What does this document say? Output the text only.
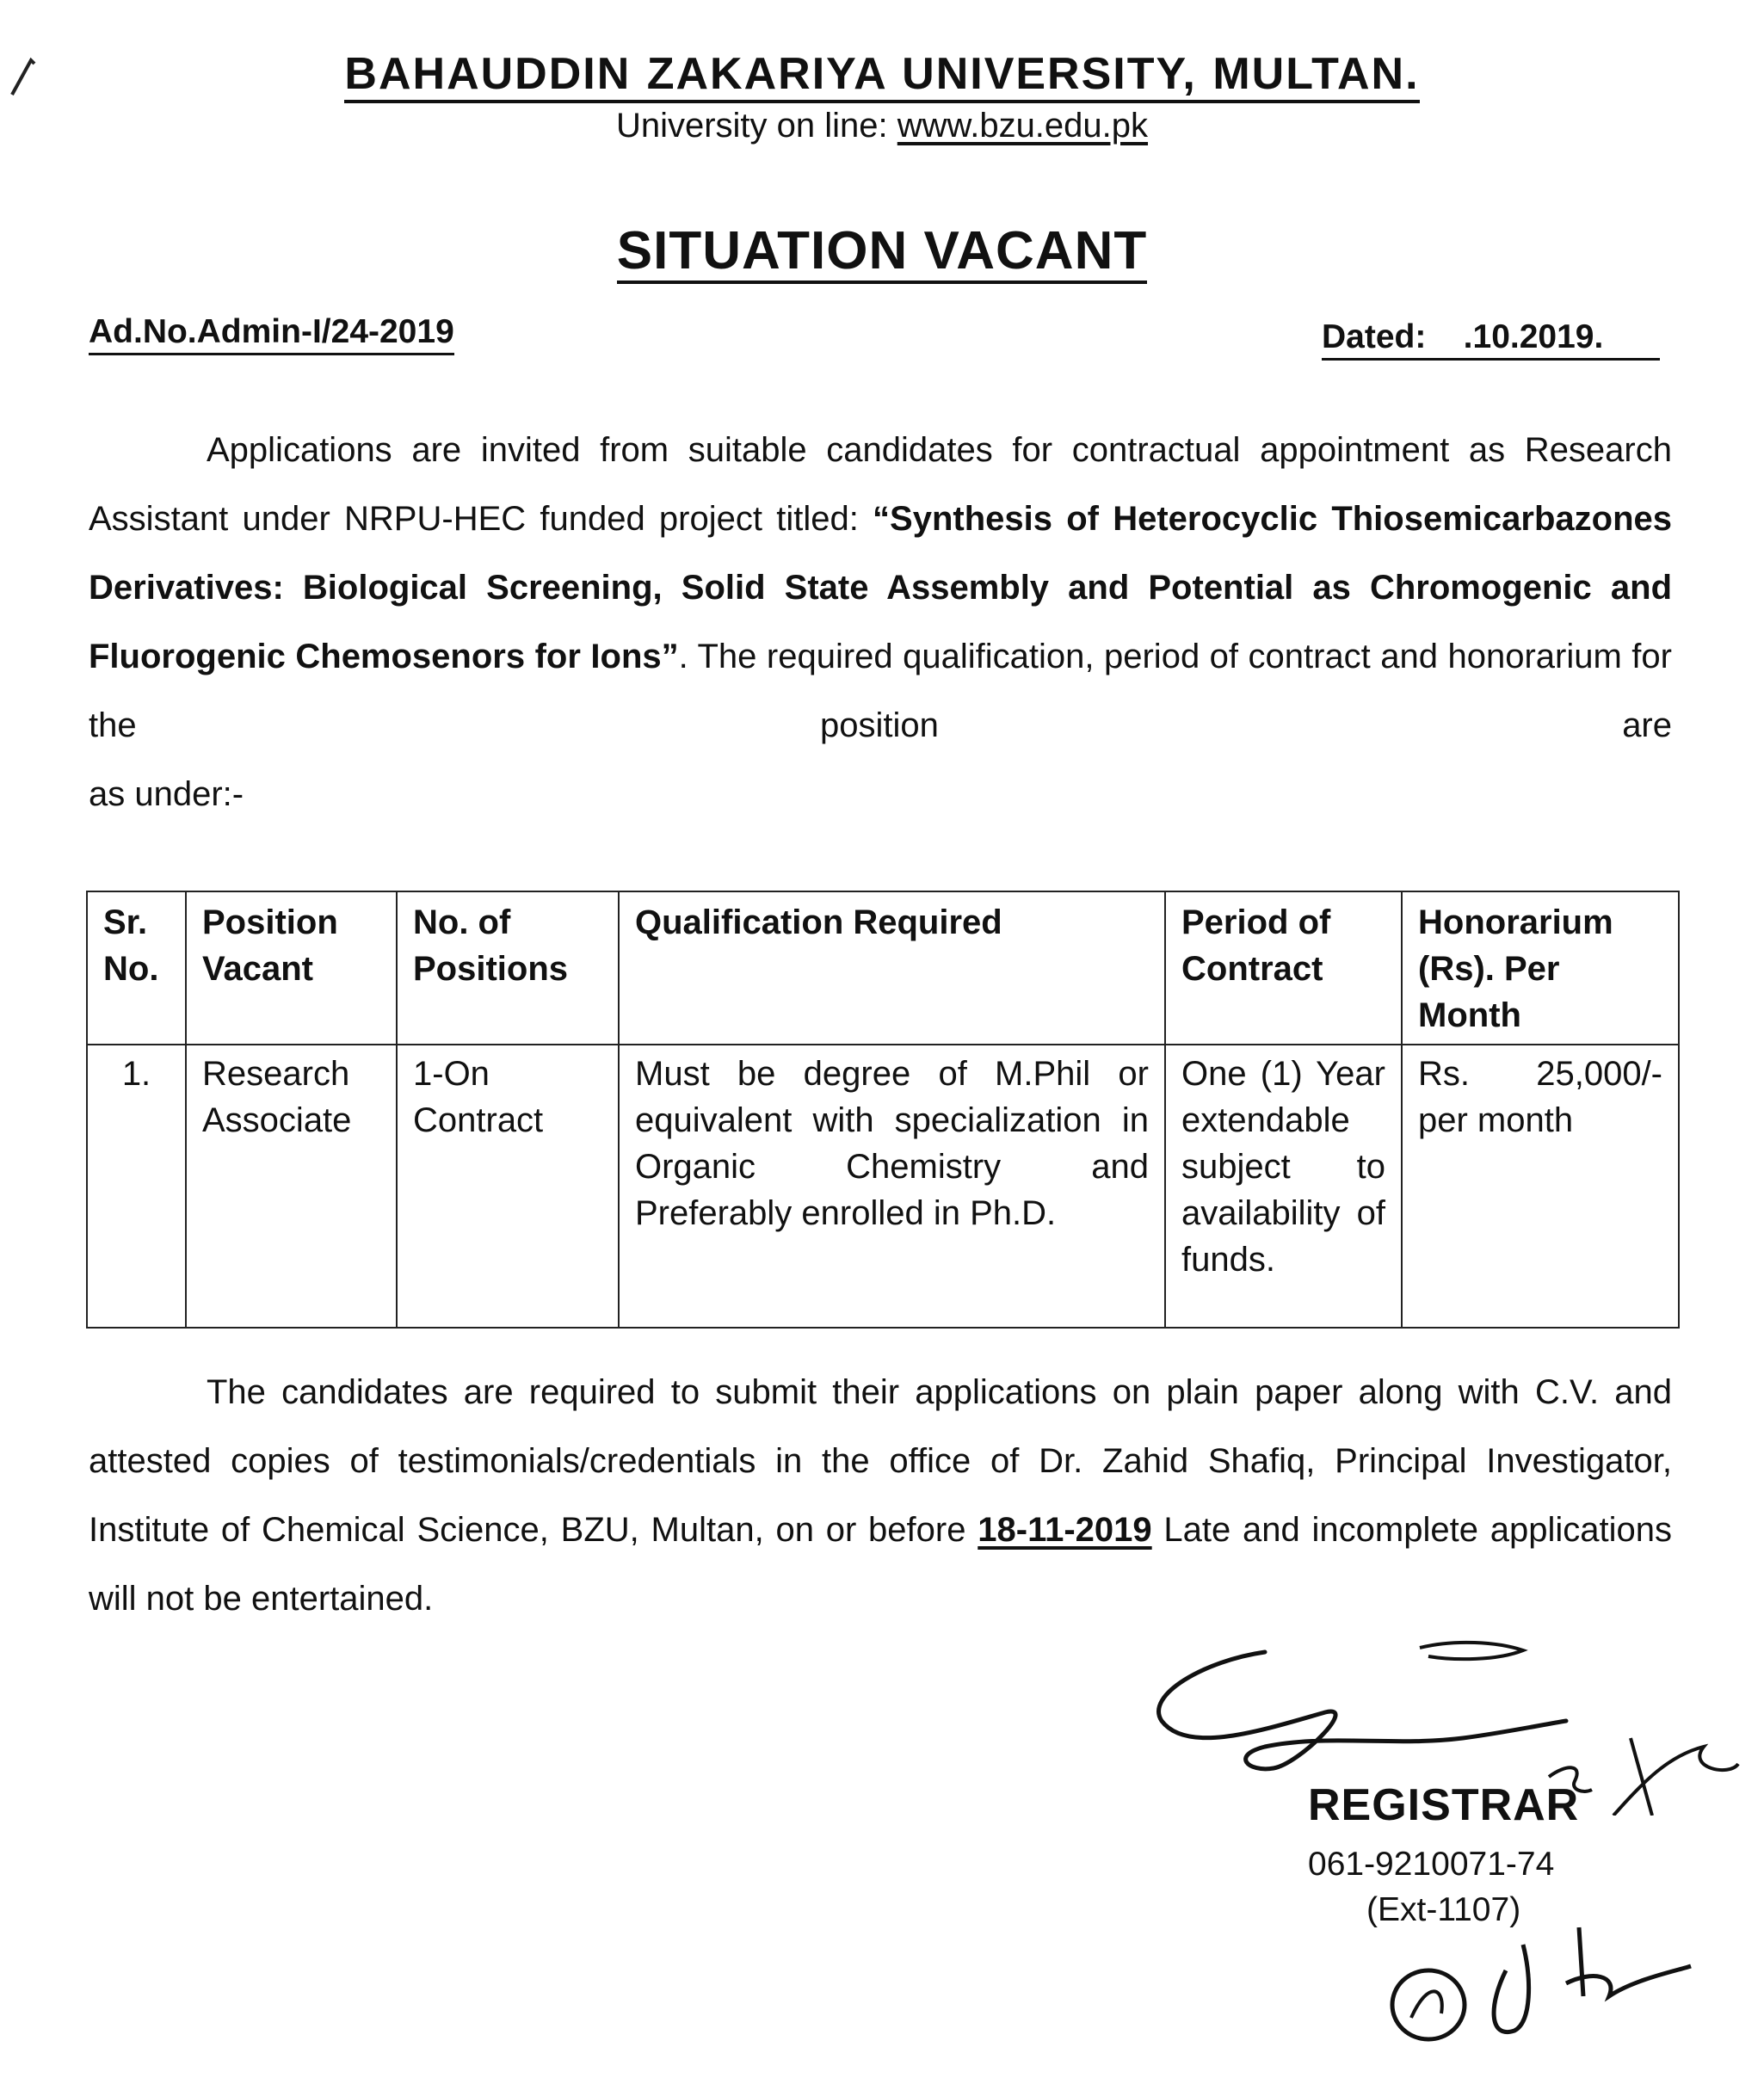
BAHAUDDIN ZAKARIYA UNIVERSITY, MULTAN.
University on line: www.bzu.edu.pk
SITUATION VACANT
Ad.No.Admin-I/24-2019	Dated:    .10.2019.
Applications are invited from suitable candidates for contractual appointment as Research Assistant under NRPU-HEC funded project titled: “Synthesis of Heterocyclic Thiosemicarbazones Derivatives: Biological Screening, Solid State Assembly and Potential as Chromogenic and Fluorogenic Chemosenors for Ions”. The required qualification, period of contract and honorarium for the position are
as under:-
Sr. No.	Position Vacant	No. of Positions	Qualification Required	Period of Contract	Honorarium (Rs). Per Month
1.	Research Associate	1-On Contract	Must be degree of M.Phil or equivalent with specialization in Organic Chemistry and Preferably enrolled in Ph.D.	One (1) Year extendable subject to availability of funds.	Rs. 25,000/- per month
The candidates are required to submit their applications on plain paper along with C.V. and attested copies of testimonials/credentials in the office of Dr. Zahid Shafiq, Principal Investigator, Institute of Chemical Science, BZU, Multan, on or before 18-11-2019 Late and incomplete applications will not be entertained.
REGISTRAR
061-9210071-74
(Ext-1107)
